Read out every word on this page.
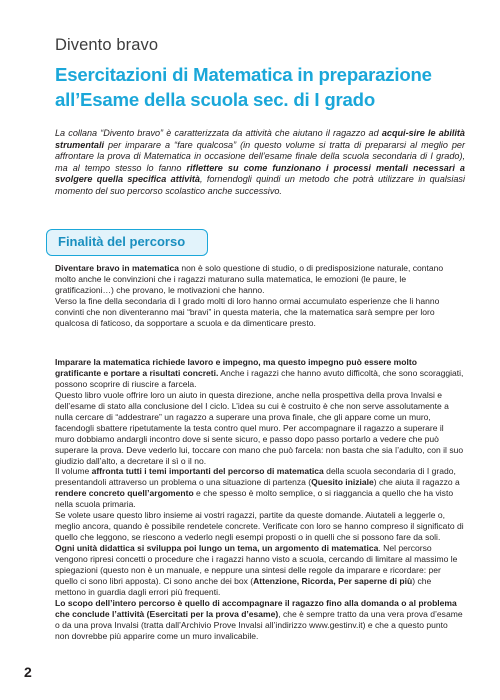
Divento bravo
Esercitazioni di Matematica in preparazione all’Esame della scuola sec. di I grado

La collana “Divento bravo” è caratterizzata da attività che aiutano il ragazzo ad acqui-sire le abilità strumentali per imparare a “fare qualcosa” (in questo volume si tratta di prepararsi al meglio per affrontare la prova di Matematica in occasione dell’esame finale della scuola secondaria di I grado), ma al tempo stesso lo fanno riflettere su come funzionano i processi mentali necessari a svolgere quella specifica attività, fornendogli quindi un metodo che potrà utilizzare in qualsiasi momento del suo percorso scolastico anche successivo.

Finalità del percorso

Diventare bravo in matematica non è solo questione di studio, o di predisposizione naturale, contano molto anche le convinzioni che i ragazzi maturano sulla matematica, le emozioni (le paure, le gratificazioni…) che provano, le motivazioni che hanno.
Verso la fine della secondaria di I grado molti di loro hanno ormai accumulato esperienze che li hanno convinti che non diventeranno mai “bravi” in questa materia, che la matematica sarà sempre per loro qualcosa di faticoso, da sopportare a scuola e da dimenticare presto.

Imparare la matematica richiede lavoro e impegno, ma questo impegno può essere molto gratificante e portare a risultati concreti. Anche i ragazzi che hanno avuto difficoltà, che sono scoraggiati, possono scoprire di riuscire a farcela.
Questo libro vuole offrire loro un aiuto in questa direzione, anche nella prospettiva della prova Invalsi e dell’esame di stato alla conclusione del I ciclo. L’idea su cui è costruito è che non serve assolutamente a nulla cercare di “addestrare” un ragazzo a superare una prova finale, che gli appare come un muro, facendogli sbattere ripetutamente la testa contro quel muro. Per accompagnare il ragazzo a superare il muro dobbiamo andargli incontro dove si sente sicuro, e passo dopo passo portarlo a vedere che può superare la prova. Deve vederlo lui, toccare con mano che può farcela: non basta che sia l’adulto, con il suo giudizio dall’alto, a decretare il sì o il no.

Il volume affronta tutti i temi importanti del percorso di matematica della scuola secondaria di I grado, presentandoli attraverso un problema o una situazione di partenza (Quesito iniziale) che aiuta il ragazzo a rendere concreto quell’argomento e che spesso è molto semplice, o si riaggancia a quello che ha visto nella scuola primaria.
Se volete usare questo libro insieme ai vostri ragazzi, partite da queste domande. Aiutateli a leggerle o, meglio ancora, quando è possibile rendetele concrete. Verificate con loro se hanno compreso il significato di quello che leggono, se riescono a vederlo negli esempi proposti o in quelli che si possono fare da soli.
Ogni unità didattica si sviluppa poi lungo un tema, un argomento di matematica. Nel percorso vengono ripresi concetti o procedure che i ragazzi hanno visto a scuola, cercando di limitare al massimo le spiegazioni (questo non è un manuale, e neppure una sintesi delle regole da imparare e ricordare: per quello ci sono libri apposta). Ci sono anche dei box (Attenzione, Ricorda, Per saperne di più) che mettono in guardia dagli errori più frequenti.
Lo scopo dell’intero percorso è quello di accompagnare il ragazzo fino alla domanda o al problema che conclude l’attività (Esercitati per la prova d’esame), che è sempre tratto da una vera prova d’esame o da una prova Invalsi (tratta dall’Archivio Prove Invalsi all’indirizzo www.gestinv.it) e che a questo punto non dovrebbe più apparire come un muro invalicabile.

2
